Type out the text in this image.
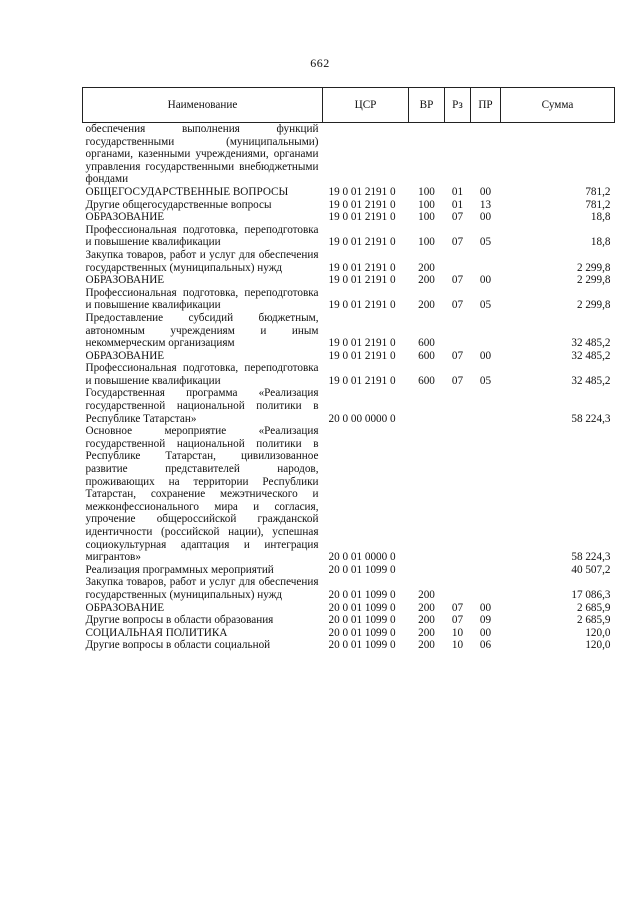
662
Наименование	ЦСР	ВР	Рз	ПР	Сумма
обеспечения выполнения функций государственными (муниципальными) органами, казенными учреждениями, органами управления государственными внебюджетными фондами					
ОБЩЕГОСУДАРСТВЕННЫЕ ВОПРОСЫ	19 0 01 2191 0	100	01	00	781,2
Другие общегосударственные вопросы	19 0 01 2191 0	100	01	13	781,2
ОБРАЗОВАНИЕ	19 0 01 2191 0	100	07	00	18,8
Профессиональная подготовка, переподготовка и повышение квалификации	19 0 01 2191 0	100	07	05	18,8
Закупка товаров, работ и услуг для обеспечения государственных (муниципальных) нужд	19 0 01 2191 0	200			2 299,8
ОБРАЗОВАНИЕ	19 0 01 2191 0	200	07	00	2 299,8
Профессиональная подготовка, переподготовка и повышение квалификации	19 0 01 2191 0	200	07	05	2 299,8
Предоставление субсидий бюджетным, автономным учреждениям и иным некоммерческим организациям	19 0 01 2191 0	600			32 485,2
ОБРАЗОВАНИЕ	19 0 01 2191 0	600	07	00	32 485,2
Профессиональная подготовка, переподготовка и повышение квалификации	19 0 01 2191 0	600	07	05	32 485,2
Государственная программа «Реализация государственной национальной политики в Республике Татарстан»	20 0 00 0000 0				58 224,3
Основное мероприятие «Реализация государственной национальной политики в Республике Татарстан, цивилизованное развитие представителей народов, проживающих на территории Республики Татарстан, сохранение межэтнического и межконфессионального мира и согласия, упрочение общероссийской гражданской идентичности (российской нации), успешная социокультурная адаптация и интеграция мигрантов»	20 0 01 0000 0				58 224,3
Реализация программных мероприятий	20 0 01 1099 0				40 507,2
Закупка товаров, работ и услуг для обеспечения государственных (муниципальных) нужд	20 0 01 1099 0	200			17 086,3
ОБРАЗОВАНИЕ	20 0 01 1099 0	200	07	00	2 685,9
Другие вопросы в области образования	20 0 01 1099 0	200	07	09	2 685,9
СОЦИАЛЬНАЯ ПОЛИТИКА	20 0 01 1099 0	200	10	00	120,0
Другие вопросы в области социальной	20 0 01 1099 0	200	10	06	120,0
